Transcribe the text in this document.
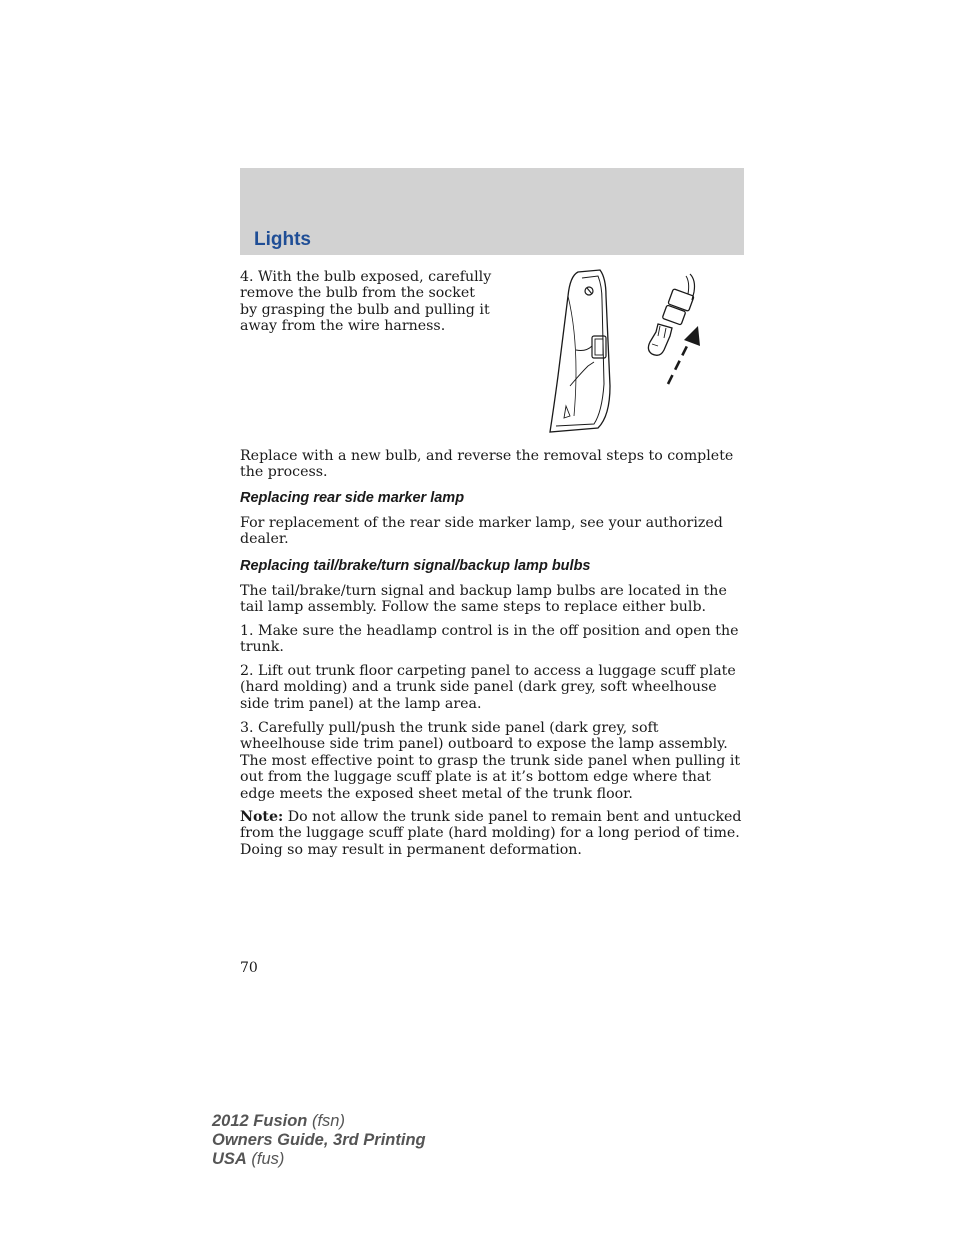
Lights

4. With the bulb exposed, carefully remove the bulb from the socket by grasping the bulb and pulling it away from the wire harness.

Replace with a new bulb, and reverse the removal steps to complete the process.

Replacing rear side marker lamp

For replacement of the rear side marker lamp, see your authorized dealer.

Replacing tail/brake/turn signal/backup lamp bulbs

The tail/brake/turn signal and backup lamp bulbs are located in the tail lamp assembly. Follow the same steps to replace either bulb.

1. Make sure the headlamp control is in the off position and open the trunk.

2. Lift out trunk floor carpeting panel to access a luggage scuff plate (hard molding) and a trunk side panel (dark grey, soft wheelhouse side trim panel) at the lamp area.

3. Carefully pull/push the trunk side panel (dark grey, soft wheelhouse side trim panel) outboard to expose the lamp assembly. The most effective point to grasp the trunk side panel when pulling it out from the luggage scuff plate is at it’s bottom edge where that edge meets the exposed sheet metal of the trunk floor.

Note: Do not allow the trunk side panel to remain bent and untucked from the luggage scuff plate (hard molding) for a long period of time. Doing so may result in permanent deformation.

70
2012 Fusion (fsn)
Owners Guide, 3rd Printing
USA (fus)
